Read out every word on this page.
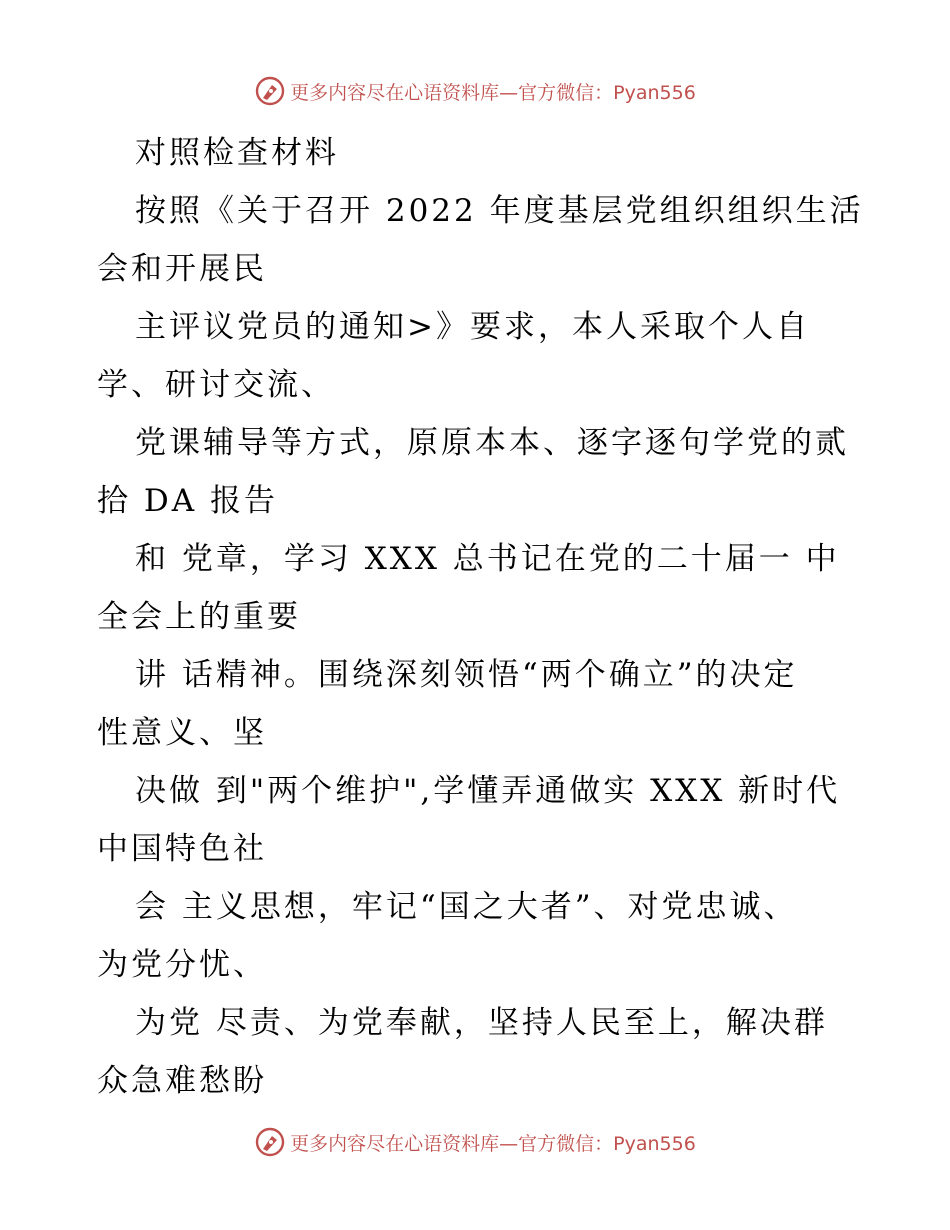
更多内容尽在心语资料库—官方微信：Pyan556
对照检查材料
按照《关于召开 2022 年度基层党组织组织生活
会和开展民
主评议党员的通知>》要求，本人采取个人自
学、研讨交流、
党课辅导等方式，原原本本、逐字逐句学党的贰
拾 DA 报告
和 党章，学习 XXX 总书记在党的二十届一 中
全会上的重要
讲 话精神。围绕深刻领悟“两个确立”的决定
性意义、坚
决做 到"两个维护",学懂弄通做实 XXX 新时代
中国特色社
会 主义思想，牢记“国之大者”、对党忠诚、
为党分忧、
为党 尽责、为党奉献，坚持人民至上，解决群
众急难愁盼
更多内容尽在心语资料库—官方微信：Pyan556
